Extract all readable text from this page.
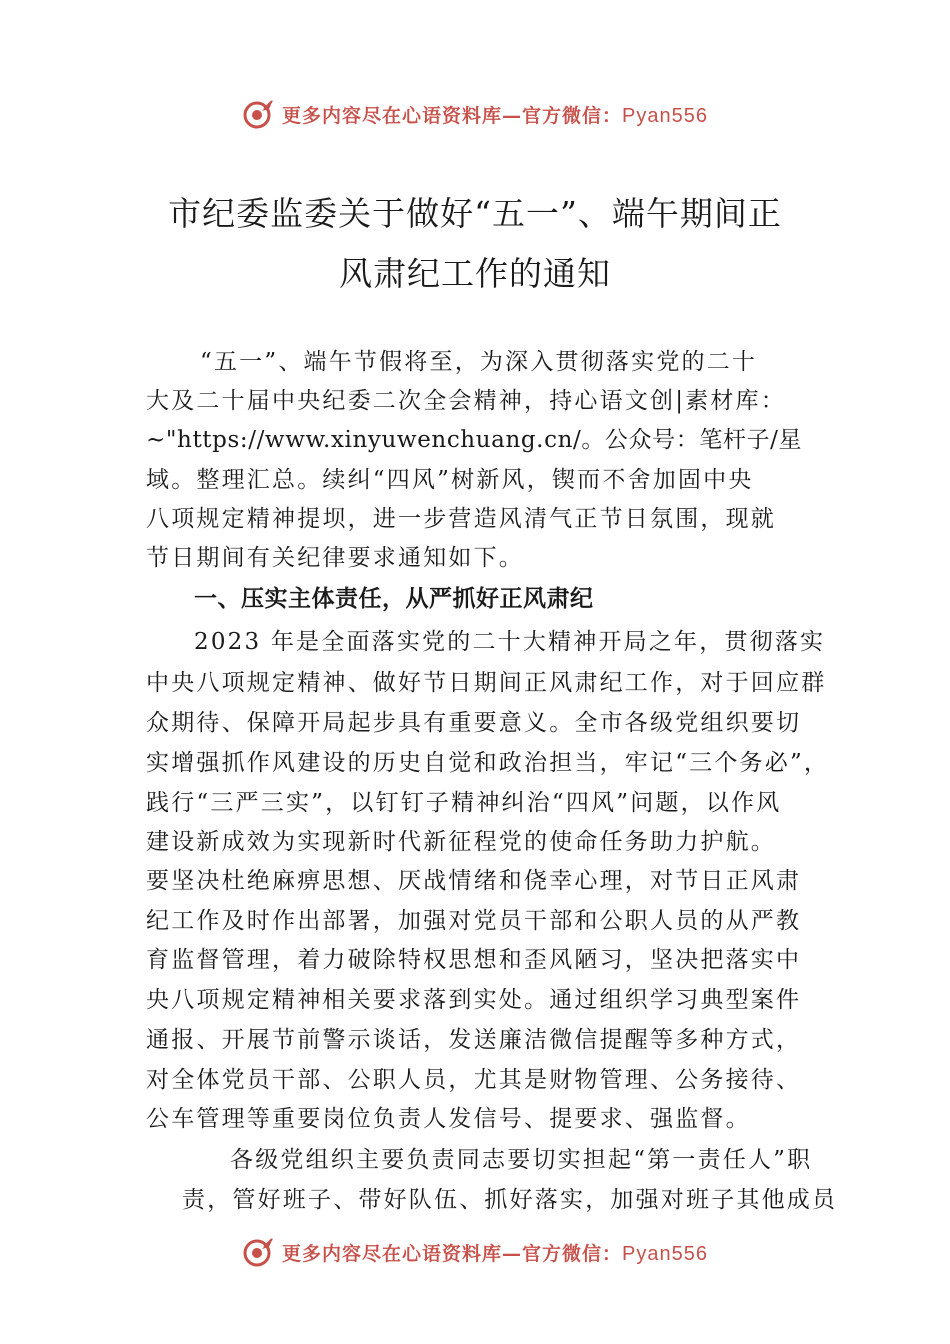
更多内容尽在心语资料库—官方微信：Pyan556
市纪委监委关于做好“五一”、端午期间正
风肃纪工作的通知

“五一”、端午节假将至，为深入贯彻落实党的二十

大及二十届中央纪委二次全会精神，持心语文创|素材库：

~"https://www.xinyuwenchuang.cn/。公众号：笔杆子/星

域。整理汇总。续纠“四风”树新风，锲而不舍加固中央

八项规定精神提坝，进一步营造风清气正节日氛围，现就

节日期间有关纪律要求通知如下。

一、压实主体责任，从严抓好正风肃纪

2023 年是全面落实党的二十大精神开局之年，贯彻落实

中央八项规定精神、做好节日期间正风肃纪工作，对于回应群

众期待、保障开局起步具有重要意义。全市各级党组织要切

实增强抓作风建设的历史自觉和政治担当，牢记“三个务必”，

践行“三严三实”，以钉钉子精神纠治“四风”问题，以作风

建设新成效为实现新时代新征程党的使命任务助力护航。

要坚决杜绝麻痹思想、厌战情绪和侥幸心理，对节日正风肃

纪工作及时作出部署，加强对党员干部和公职人员的从严教

育监督管理，着力破除特权思想和歪风陋习，坚决把落实中

央八项规定精神相关要求落到实处。通过组织学习典型案件

通报、开展节前警示谈话，发送廉洁微信提醒等多种方式，

对全体党员干部、公职人员，尤其是财物管理、公务接待、

公车管理等重要岗位负责人发信号、提要求、强监督。

各级党组织主要负责同志要切实担起“第一责任人”职

责，管好班子、带好队伍、抓好落实，加强对班子其他成员

更多内容尽在心语资料库—官方微信：Pyan556
